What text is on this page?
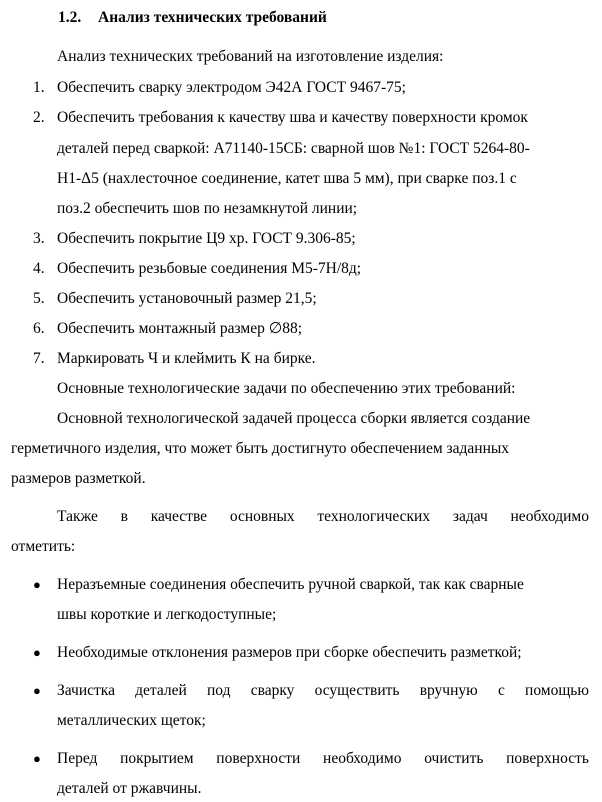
1.2. Анализ технических требований
Анализ технических требований на изготовление изделия:
1. Обеспечить сварку электродом Э42А ГОСТ 9467-75;
2. Обеспечить требования к качеству шва и качеству поверхности кромок
деталей перед сваркой: А71140-15СБ: сварной шов №1: ГОСТ 5264-80-
Н1-Δ5 (нахлесточное соединение, катет шва 5 мм), при сварке поз.1 с
поз.2 обеспечить шов по незамкнутой линии;
3. Обеспечить покрытие Ц9 хр. ГОСТ 9.306-85;
4. Обеспечить резьбовые соединения М5-7Н/8д;
5. Обеспечить установочный размер 21,5;
6. Обеспечить монтажный размер ∅88;
7. Маркировать Ч и клеймить К на бирке.
Основные технологические задачи по обеспечению этих требований:
Основной технологической задачей процесса сборки является создание
герметичного изделия, что может быть достигнуто обеспечением заданных
размеров разметкой.
Также в качестве основных технологических задач необходимо
отметить:
● Неразъемные соединения обеспечить ручной сваркой, так как сварные
швы короткие и легкодоступные;
● Необходимые отклонения размеров при сборке обеспечить разметкой;
● Зачистка деталей под сварку осуществить вручную с помощью
металлических щеток;
● Перед покрытием поверхности необходимо очистить поверхность
деталей от ржавчины.
